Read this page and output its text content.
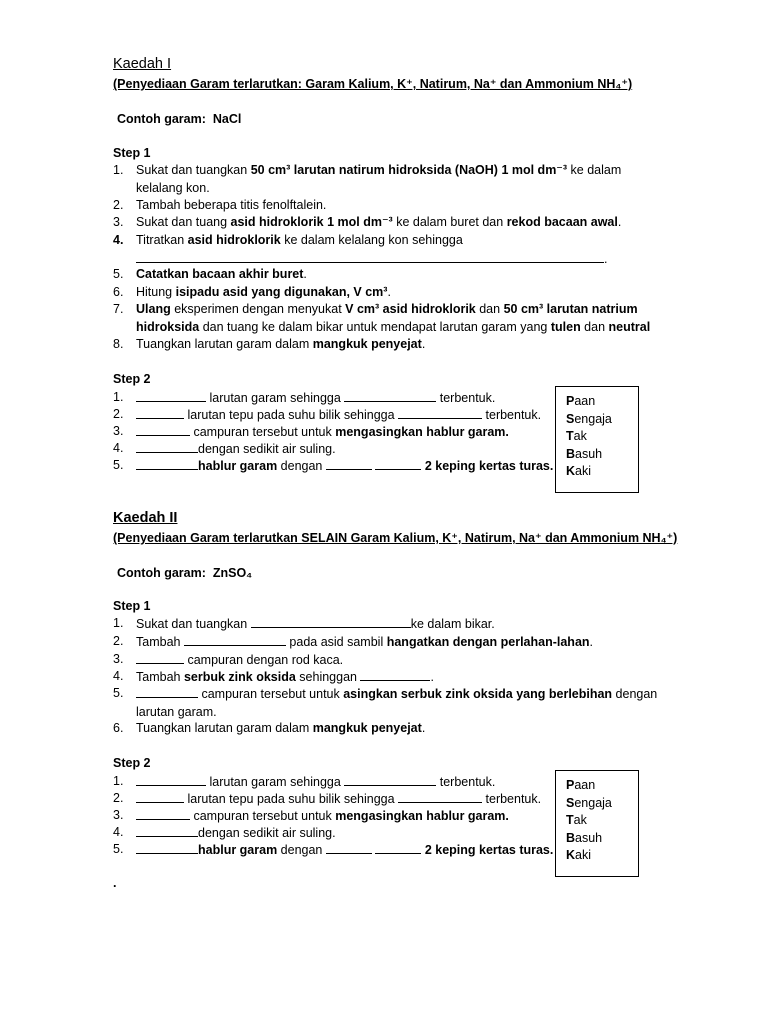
Kaedah I
(Penyediaan Garam terlarutkan: Garam Kalium, K⁺, Natirum, Na⁺ dan Ammonium NH₄⁺)
Contoh garam: NaCl
Step 1
1. Sukat dan tuangkan 50 cm³ larutan natirum hidroksida (NaOH) 1 mol dm⁻³ ke dalam
kelalang kon.
2. Tambah beberapa titis fenolftalein.
3. Sukat dan tuang asid hidroklorik 1 mol dm⁻³ ke dalam buret dan rekod bacaan awal.
4. Titratkan asid hidroklorik ke dalam kelalang kon sehingga
.
5. Catatkan bacaan akhir buret.
6. Hitung isipadu asid yang digunakan, V cm³.
7. Ulang eksperimen dengan menyukat V cm³ asid hidroklorik dan 50 cm³ larutan natrium
hidroksida dan tuang ke dalam bikar untuk mendapat larutan garam yang tulen dan neutral
8. Tuangkan larutan garam dalam mangkuk penyejat.
Step 2
1.	larutan garam sehingga	terbentuk.
2.	larutan tepu pada suhu bilik sehingga	terbentuk.
3.	campuran tersebut untuk mengasingkan hablur garam.
4.	dengan sedikit air suling.
5.	hablur garam dengan	2 keping kertas turas.
Paan
Sengaja
Tak
Basuh
Kaki
Kaedah II
(Penyediaan Garam terlarutkan SELAIN Garam Kalium, K⁺, Natirum, Na⁺ dan Ammonium NH₄⁺)
Contoh garam: ZnSO₄
Step 1
1. Sukat dan tuangkan	ke dalam bikar.
2. Tambah	pada asid sambil hangatkan dengan perlahan-lahan.
3.	campuran dengan rod kaca.
4. Tambah serbuk zink oksida sehinggan	.
5.	campuran tersebut untuk asingkan serbuk zink oksida yang berlebihan dengan
larutan garam.
6. Tuangkan larutan garam dalam mangkuk penyejat.
Step 2
1.	larutan garam sehingga	terbentuk.
2.	larutan tepu pada suhu bilik sehingga	terbentuk.
3.	campuran tersebut untuk mengasingkan hablur garam.
4.	dengan sedikit air suling.
5.	hablur garam dengan	2 keping kertas turas.
Paan
Sengaja
Tak
Basuh
Kaki
.
